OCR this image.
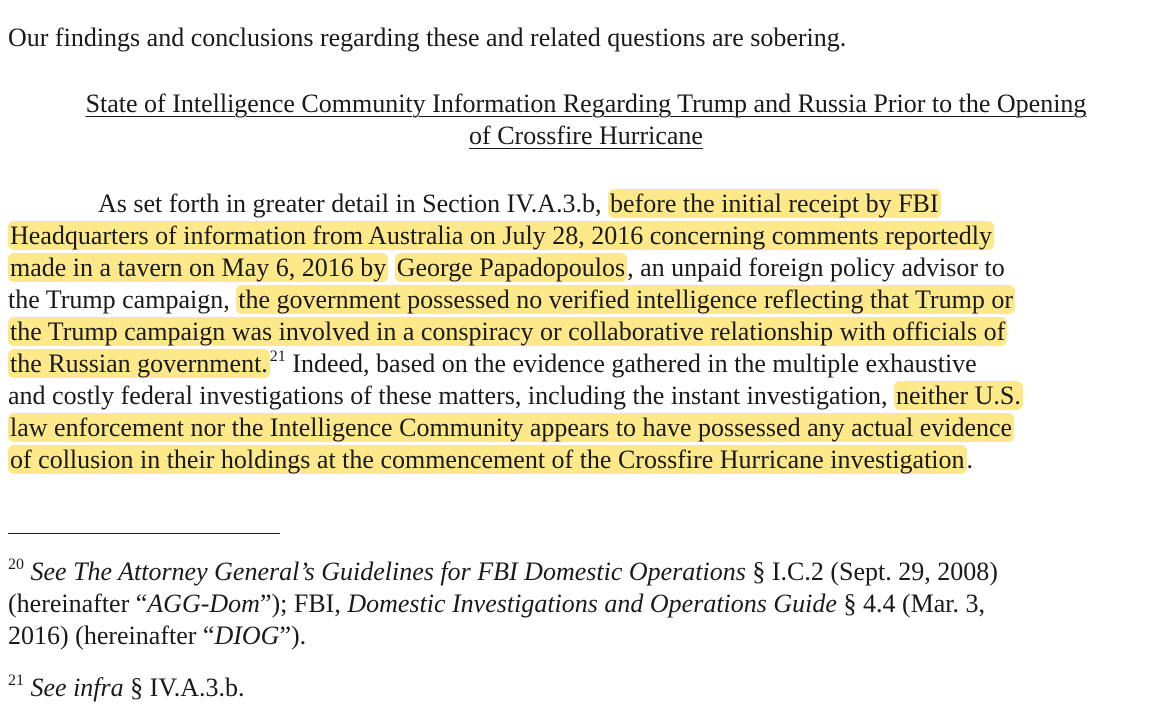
Our findings and conclusions regarding these and related questions are sobering.
State of Intelligence Community Information Regarding Trump and Russia Prior to the Opening
of Crossfire Hurricane
As set forth in greater detail in Section IV.A.3.b, before the initial receipt by FBI
Headquarters of information from Australia on July 28, 2016 concerning comments reportedly
made in a tavern on May 6, 2016 by George Papadopoulos, an unpaid foreign policy advisor to
the Trump campaign, the government possessed no verified intelligence reflecting that Trump or
the Trump campaign was involved in a conspiracy or collaborative relationship with officials of
the Russian government. $^{21}$ Indeed, based on the evidence gathered in the multiple exhaustive
and costly federal investigations of these matters, including the instant investigation, neither U.S.
law enforcement nor the Intelligence Community appears to have possessed any actual evidence
of collusion in their holdings at the commencement of the Crossfire Hurricane investigation.
$^{20}$ See The Attorney General’s Guidelines for FBI Domestic Operations § I.C.2 (Sept. 29, 2008)
(hereinafter “AGG-Dom”); FBI, Domestic Investigations and Operations Guide § 4.4 (Mar. 3,
2016) (hereinafter “DIOG”).
$^{21}$ See infra § IV.A.3.b.
